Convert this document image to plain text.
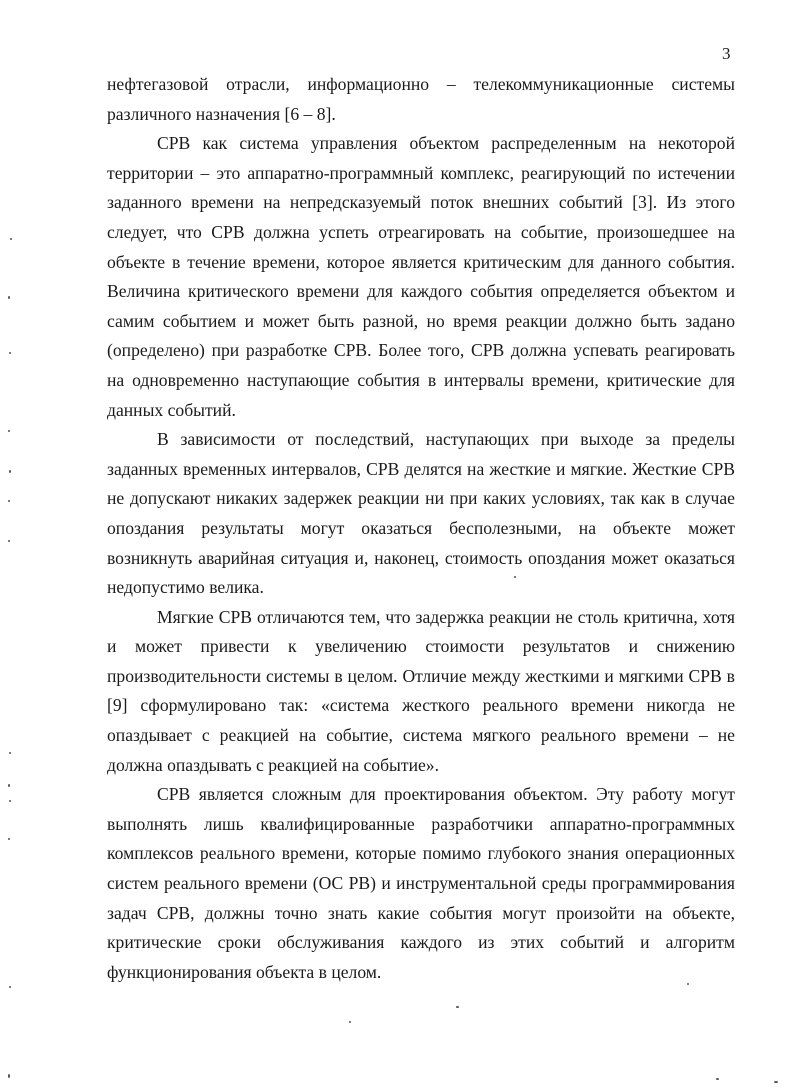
3

нефтегазовой отрасли, информационно – телекоммуникационные системы различного назначения [6 – 8].

СРВ как система управления объектом распределенным на некоторой территории – это аппаратно-программный комплекс, реагирующий по истечении заданного времени на непредсказуемый поток внешних событий [3]. Из этого следует, что СРВ должна успеть отреагировать на событие, произошедшее на объекте в течение времени, которое является критическим для данного события. Величина критического времени для каждого события определяется объектом и самим событием и может быть разной, но время реакции должно быть задано (определено) при разработке СРВ. Более того, СРВ должна успевать реагировать на одновременно наступающие события в интервалы времени, критические для данных событий.

В зависимости от последствий, наступающих при выходе за пределы заданных временных интервалов, СРВ делятся на жесткие и мягкие. Жесткие СРВ не допускают никаких задержек реакции ни при каких условиях, так как в случае опоздания результаты могут оказаться бесполезными, на объекте может возникнуть аварийная ситуация и, наконец, стоимость опоздания может оказаться недопустимо велика.

Мягкие СРВ отличаются тем, что задержка реакции не столь критична, хотя и может привести к увеличению стоимости результатов и снижению производительности системы в целом. Отличие между жесткими и мягкими СРВ в [9] сформулировано так: «система жесткого реального времени никогда не опаздывает с реакцией на событие, система мягкого реального времени – не должна опаздывать с реакцией на событие».

СРВ является сложным для проектирования объектом. Эту работу могут выполнять лишь квалифицированные разработчики аппаратно-программных комплексов реального времени, которые помимо глубокого знания операционных систем реального времени (ОС РВ) и инструментальной среды программирования задач СРВ, должны точно знать какие события могут произойти на объекте, критические сроки обслуживания каждого из этих событий и алгоритм функционирования объекта в целом.
